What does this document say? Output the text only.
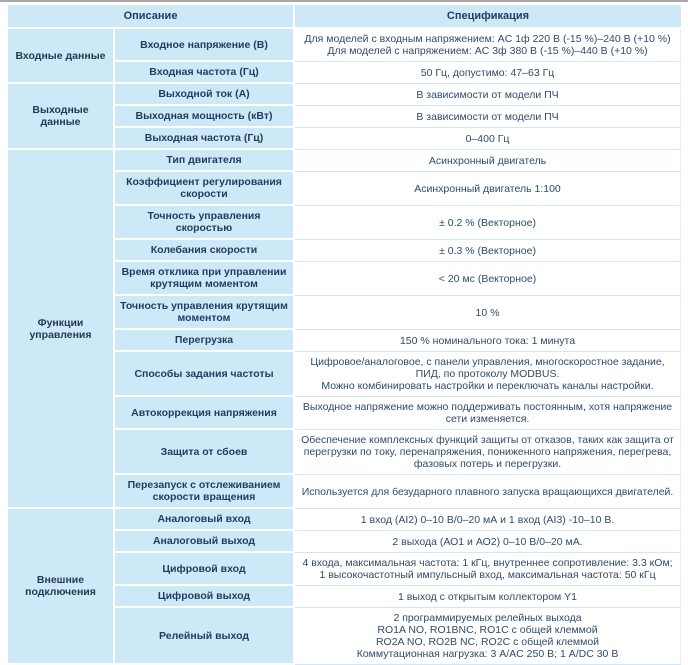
Описание		Спецификация
Входные данные	Входное напряжение (В)	Для моделей с входным напряжением: AC 1ф 220 В (-15 %)–240 В (+10 %)
Для моделей с напряжением: AC 3ф 380 В (-15 %)–440 В (+10 %)

	Входная частота (Гц)	50 Гц, допустимо: 47–63 Гц
Выходные данные	Выходной ток (А)	В зависимости от модели ПЧ
	Выходная мощность (кВт)	В зависимости от модели ПЧ
	Выходная частота (Гц)	0–400 Гц
Функции управления	Тип двигателя	Асинхронный двигатель
	Коэффициент регулирования скорости	Асинхронный двигатель 1:100
	Точность управления скоростью	± 0.2 % (Векторное)
	Колебания скорости	± 0.3 % (Векторное)
	Время отклика при управлении крутящим моментом	< 20 мс (Векторное)
	Точность управления крутящим моментом	10 %
	Перегрузка	150 % номинального тока: 1 минута
	Способы задания частоты	Цифровое/аналоговое, с панели управления, многоскоростное задание,
ПИД, по протоколу MODBUS.
Можно комбинировать настройки и переключать каналы настройки.

	Автокоррекция напряжения	Выходное напряжение можно поддерживать постоянным, хотя напряжение
сети изменяется.

	Защита от сбоев	Обеспечение комплексных функций защиты от отказов, таких как защита от
перегрузки по току, перенапряжения, пониженного напряжения, перегрева,
фазовых потерь и перегрузки.

	Перезапуск с отслеживанием скорости вращения	Используется для безударного плавного запуска вращающихся двигателей.
Внешние подключения	Аналоговый вход	1 вход (AI2) 0–10 В/0–20 мА и 1 вход (AI3) -10–10 В.
	Аналоговый выход	2 выхода (АО1 и АО2) 0–10 В/0–20 мА.
	Цифровой вход	4 входа, максимальная частота: 1 кГц, внутреннее сопротивление: 3.3 кОм;
1 высокочастотный импульсный вход, максимальная частота: 50 кГц

	Цифровой выход	1 выход с открытым коллектором Y1
	Релейный выход	2 программируемых релейных выхода
RO1A NO, RO1BNC, RO1C с общей клеммой
RO2A NO, RO2B NC, RO2C с общей клеммой
Коммутационная нагрузка: 3 А/AC 250 В; 1 А/DC 30 В
